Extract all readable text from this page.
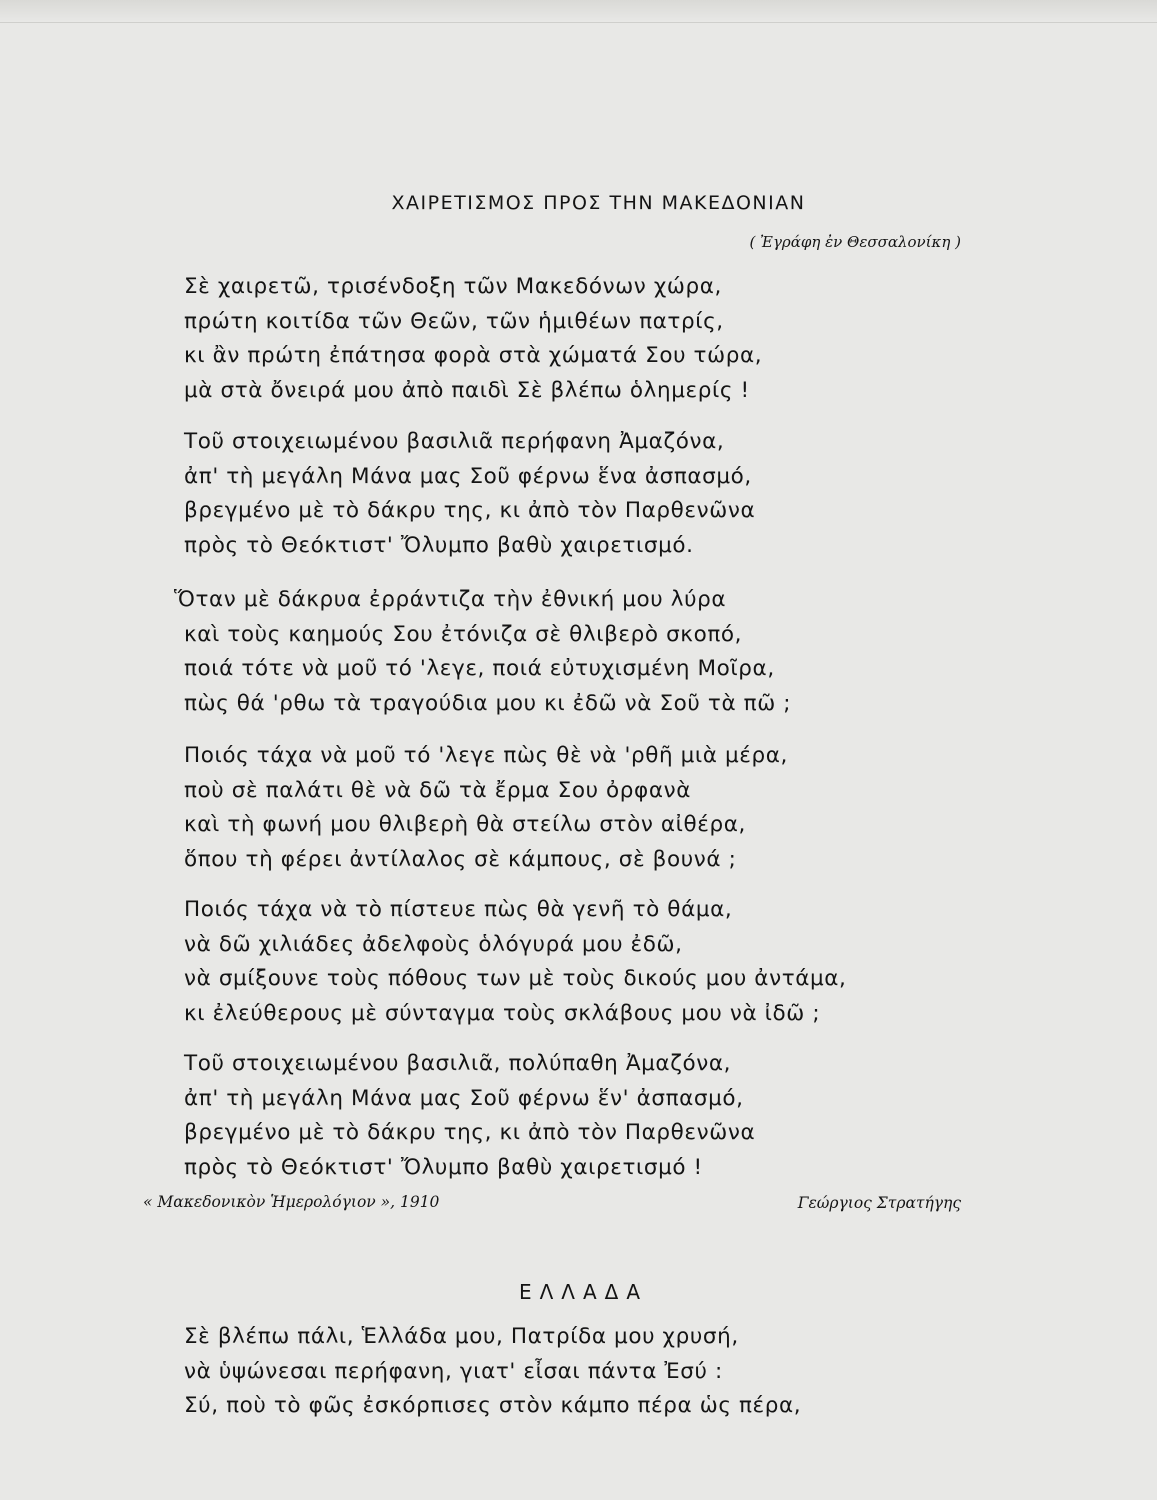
ΧΑΙΡΕΤΙΣΜΟΣ ΠΡΟΣ ΤΗΝ ΜΑΚΕΔΟΝΙΑΝ
( Ἐγράφη ἐν Θεσσαλονίκη )
Σὲ χαιρετῶ, τρισένδοξη τῶν Μακεδόνων χώρα,
πρώτη κοιτίδα τῶν Θεῶν, τῶν ἡμιθέων πατρίς,
κι ἂν πρώτη ἐπάτησα φορὰ στὰ χώματά Σου τώρα,
μὰ στὰ ὄνειρά μου ἀπὸ παιδὶ Σὲ βλέπω ὁλημερίς !
Τοῦ στοιχειωμένου βασιλιᾶ περήφανη Ἀμαζόνα,
ἀπ' τὴ μεγάλη Μάνα μας Σοῦ φέρνω ἕνα ἀσπασμό,
βρεγμένο μὲ τὸ δάκρυ της, κι ἀπὸ τὸν Παρθενῶνα
πρὸς τὸ Θεόκτιστ' Ὄλυμπο βαθὺ χαιρετισμό.
Ὅταν μὲ δάκρυα ἐρράντιζα τὴν ἐθνική μου λύρα
καὶ τοὺς καημούς Σου ἐτόνιζα σὲ θλιβερὸ σκοπό,
ποιά τότε νὰ μοῦ τό 'λεγε, ποιά εὐτυχισμένη Μοῖρα,
πὼς θά 'ρθω τὰ τραγούδια μου κι ἐδῶ νὰ Σοῦ τὰ πῶ ;
Ποιός τάχα νὰ μοῦ τό 'λεγε πὼς θὲ νὰ 'ρθῆ μιὰ μέρα,
ποὺ σὲ παλάτι θὲ νὰ δῶ τὰ ἔρμα Σου ὀρφανὰ
καὶ τὴ φωνή μου θλιβερὴ θὰ στείλω στὸν αἰθέρα,
ὅπου τὴ φέρει ἀντίλαλος σὲ κάμπους, σὲ βουνά ;
Ποιός τάχα νὰ τὸ πίστευε πὼς θὰ γενῆ τὸ θάμα,
νὰ δῶ χιλιάδες ἀδελφοὺς ὁλόγυρά μου ἐδῶ,
νὰ σμίξουνε τοὺς πόθους των μὲ τοὺς δικούς μου ἀντάμα,
κι ἐλεύθερους μὲ σύνταγμα τοὺς σκλάβους μου νὰ ἰδῶ ;
Τοῦ στοιχειωμένου βασιλιᾶ, πολύπαθη Ἀμαζόνα,
ἀπ' τὴ μεγάλη Μάνα μας Σοῦ φέρνω ἕν' ἀσπασμό,
βρεγμένο μὲ τὸ δάκρυ της, κι ἀπὸ τὸν Παρθενῶνα
πρὸς τὸ Θεόκτιστ' Ὄλυμπο βαθὺ χαιρετισμό !
« Μακεδονικὸν Ἡμερολόγιον », 1910	Γεώργιος Στρατήγης
ΕΛΛΑΔΑ
Σὲ βλέπω πάλι, Ἑλλάδα μου, Πατρίδα μου χρυσή,
νὰ ὑψώνεσαι περήφανη, γιατ' εἶσαι πάντα Ἐσύ :
Σύ, ποὺ τὸ φῶς ἐσκόρπισες στὸν κάμπο πέρα ὡς πέρα,
